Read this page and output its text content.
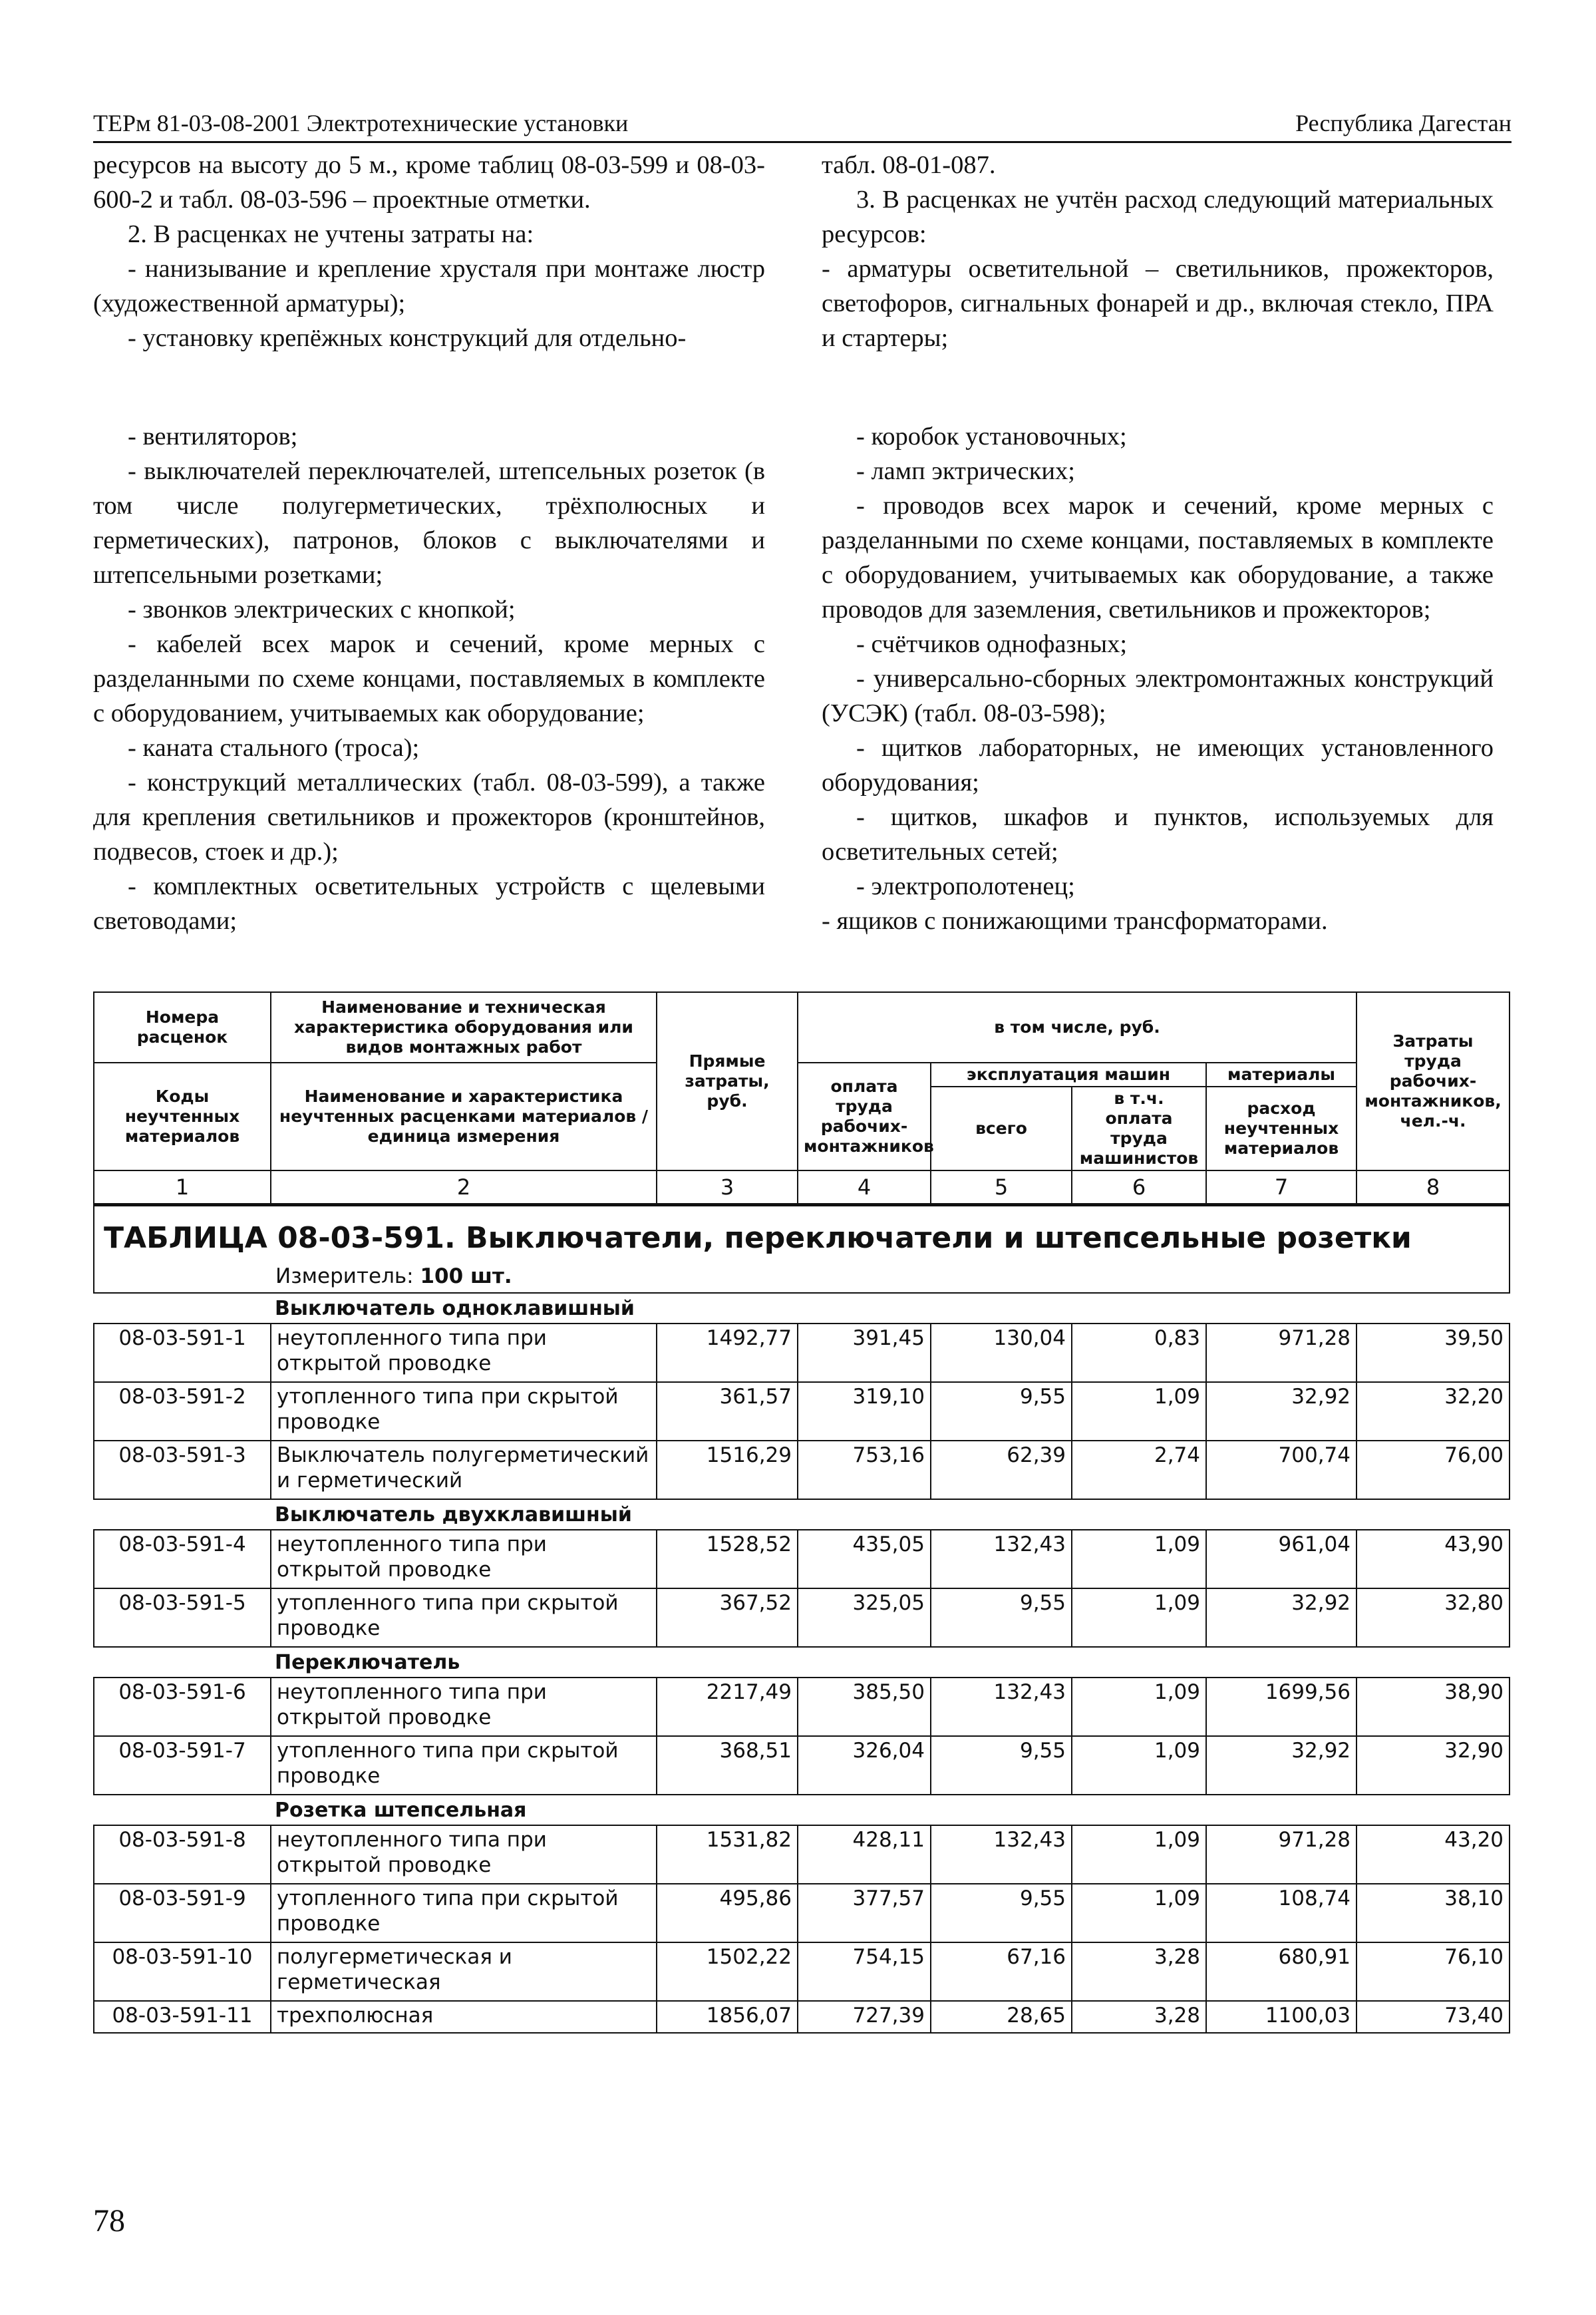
ТЕРм 81-03-08-2001 Электротехнические установки	Республика Дагестан

ресурсов на высоту до 5 м., кроме таблиц 08-03-599 и 08-03-600-2 и табл. 08-03-596 – проектные отметки.

2. В расценках не учтены затраты на:

- нанизывание и крепление хрусталя при монтаже люстр (художественной арматуры);

- установку крепёжных конструкций для отдельно-

табл. 08-01-087.

3. В расценках не учтён расход следующий материальных ресурсов:

- арматуры осветительной – светильников, прожекторов, светофоров, сигнальных фонарей и др., включая стекло, ПРА и стартеры;

- вентиляторов;

- выключателей переключателей, штепсельных розеток (в том числе полугерметических, трёхполюсных и герметических), патронов, блоков с выключателями и штепсельными розетками;

- звонков электрических с кнопкой;

- кабелей всех марок и сечений, кроме мерных с разделанными по схеме концами, поставляемых в комплекте с оборудованием, учитываемых как оборудование;

- каната стального (троса);

- конструкций металлических (табл. 08-03-599), а также для крепления светильников и прожекторов (кронштейнов, подвесов, стоек и др.);

- комплектных осветительных устройств с щелевыми световодами;

- коробок установочных;

- ламп эктрических;

- проводов всех марок и сечений, кроме мерных с разделанными по схеме концами, поставляемых в комплекте с оборудованием, учитываемых как оборудование, а также проводов для заземления, светильников и прожекторов;

- счётчиков однофазных;

- универсально-сборных электромонтажных конструкций (УСЭК) (табл. 08-03-598);

- щитков лабораторных, не имеющих установленного оборудования;

- щитков, шкафов и пунктов, используемых для осветительных сетей;

- электрополотенец;

- ящиков с понижающими трансформаторами.

Номера расценок	Наименование и техническая характеристика оборудования или видов монтажных работ	Прямые затраты, руб.	в том числе, руб.				Затраты труда рабочих-монтажников, чел.-ч.
Коды неучтенных материалов	Наименование и характеристика неучтенных расценками материалов / единица измерения		оплата труда рабочих-монтажников	эксплуатация машин		материалы	
				всего	в т.ч. оплата труда машинистов	расход неучтенных материалов	
1	2	3	4	5	6	7	8

ТАБЛИЦА 08-03-591. Выключатели, переключатели и штепсельные розетки
Измеритель: 100 шт.							

Выключатель одноклавишный							
08-03-591-1	неутопленного типа при открытой проводке	1492,77	391,45	130,04	0,83	971,28	39,50
08-03-591-2	утопленного типа при скрытой проводке	361,57	319,10	9,55	1,09	32,92	32,20
08-03-591-3	Выключатель полугерметический и герметический	1516,29	753,16	62,39	2,74	700,74	76,00
Выключатель двухклавишный							
08-03-591-4	неутопленного типа при открытой проводке	1528,52	435,05	132,43	1,09	961,04	43,90
08-03-591-5	утопленного типа при скрытой проводке	367,52	325,05	9,55	1,09	32,92	32,80
Переключатель							
08-03-591-6	неутопленного типа при открытой проводке	2217,49	385,50	132,43	1,09	1699,56	38,90
08-03-591-7	утопленного типа при скрытой проводке	368,51	326,04	9,55	1,09	32,92	32,90
Розетка штепсельная							
08-03-591-8	неутопленного типа при открытой проводке	1531,82	428,11	132,43	1,09	971,28	43,20
08-03-591-9	утопленного типа при скрытой проводке	495,86	377,57	9,55	1,09	108,74	38,10
08-03-591-10	полугерметическая и герметическая	1502,22	754,15	67,16	3,28	680,91	76,10
08-03-591-11	трехполюсная	1856,07	727,39	28,65	3,28	1100,03	73,40
78
